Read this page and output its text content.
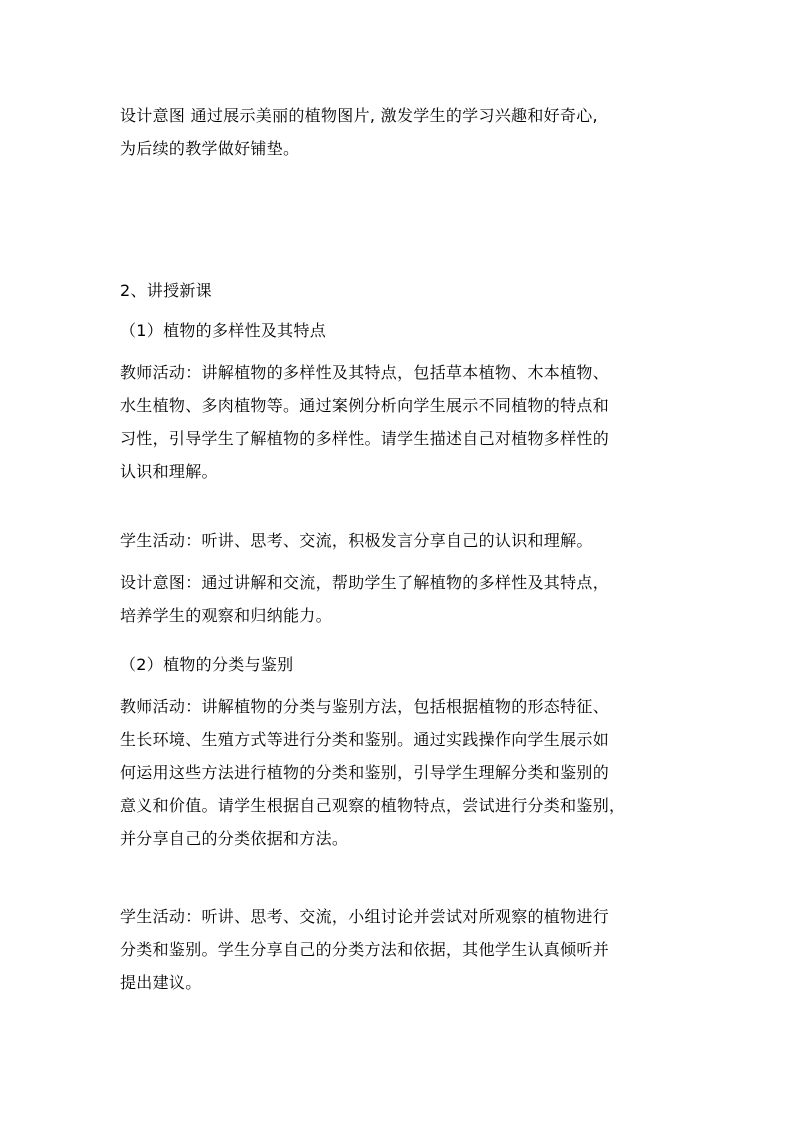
设计意图 通过展示美丽的植物图片, 激发学生的学习兴趣和好奇心,
为后续的教学做好铺垫。
2、讲授新课
（1）植物的多样性及其特点
教师活动：讲解植物的多样性及其特点，包括草本植物、木本植物、
水生植物、多肉植物等。通过案例分析向学生展示不同植物的特点和
习性，引导学生了解植物的多样性。请学生描述自己对植物多样性的
认识和理解。
学生活动：听讲、思考、交流，积极发言分享自己的认识和理解。
设计意图：通过讲解和交流，帮助学生了解植物的多样性及其特点，
培养学生的观察和归纳能力。
（2）植物的分类与鉴别
教师活动：讲解植物的分类与鉴别方法，包括根据植物的形态特征、
生长环境、生殖方式等进行分类和鉴别。通过实践操作向学生展示如
何运用这些方法进行植物的分类和鉴别，引导学生理解分类和鉴别的
意义和价值。请学生根据自己观察的植物特点，尝试进行分类和鉴别，
并分享自己的分类依据和方法。
学生活动：听讲、思考、交流，小组讨论并尝试对所观察的植物进行
分类和鉴别。学生分享自己的分类方法和依据，其他学生认真倾听并
提出建议。
